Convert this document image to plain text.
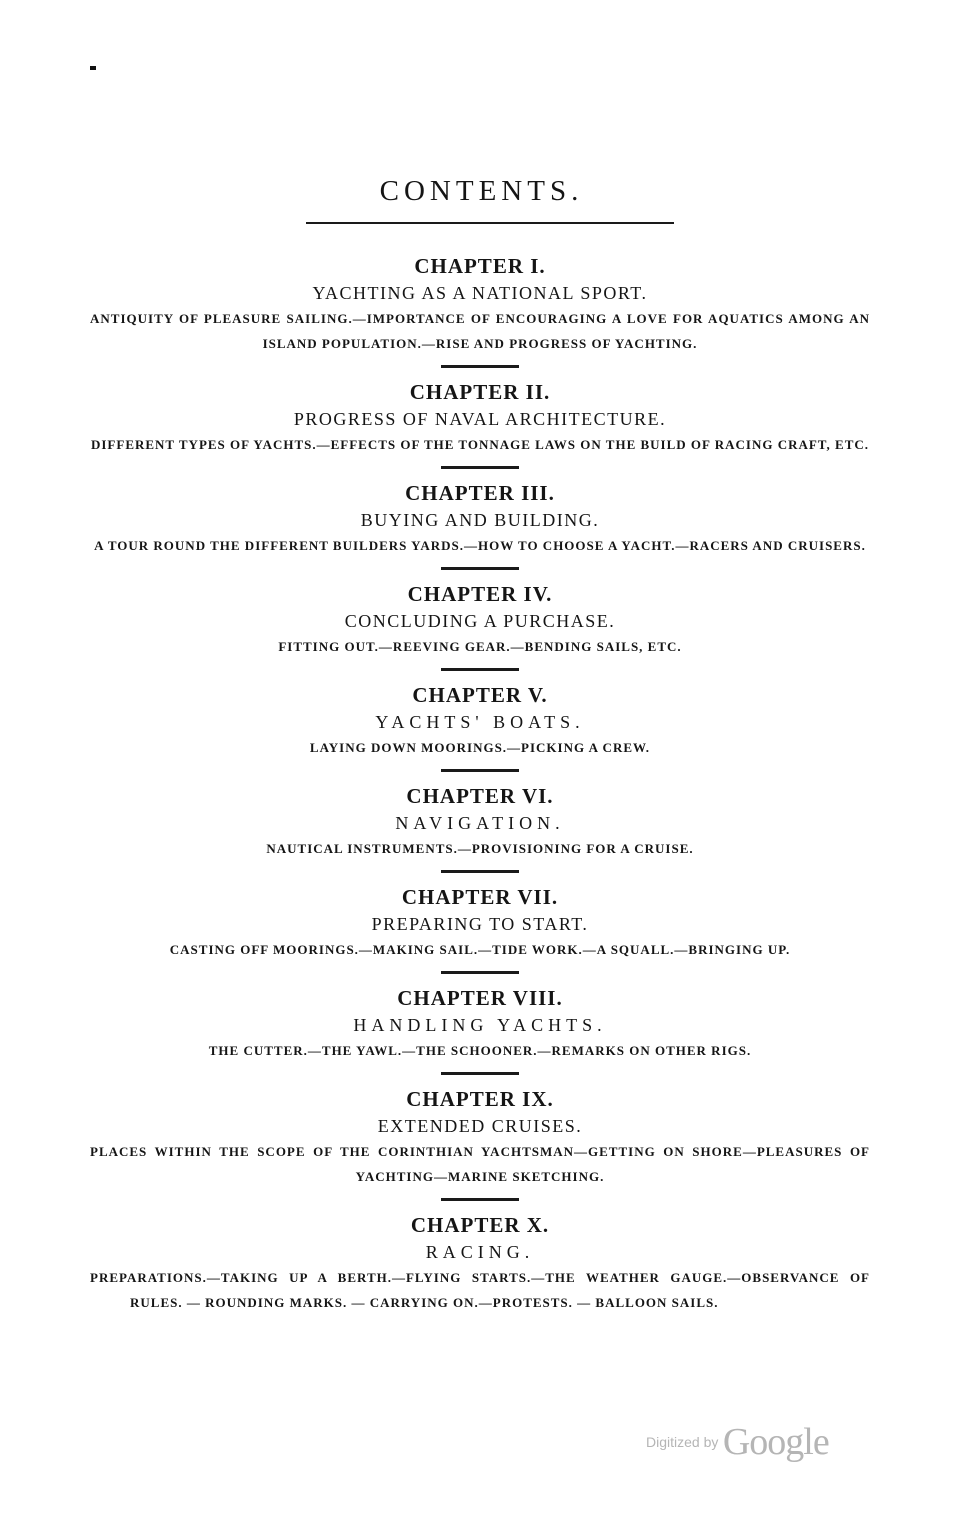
CONTENTS.
CHAPTER I.
YACHTING AS A NATIONAL SPORT.
ANTIQUITY OF PLEASURE SAILING.—IMPORTANCE OF ENCOURAGING A LOVE FOR AQUATICS AMONG AN ISLAND POPULATION.—RISE AND PROGRESS OF YACHTING.
CHAPTER II.
PROGRESS OF NAVAL ARCHITECTURE.
DIFFERENT TYPES OF YACHTS.—EFFECTS OF THE TONNAGE LAWS ON THE BUILD OF RACING CRAFT, ETC.
CHAPTER III.
BUYING AND BUILDING.
A TOUR ROUND THE DIFFERENT BUILDERS YARDS.—HOW TO CHOOSE A YACHT.—RACERS AND CRUISERS.
CHAPTER IV.
CONCLUDING A PURCHASE.
FITTING OUT.—REEVING GEAR.—BENDING SAILS, ETC.
CHAPTER V.
YACHTS' BOATS.
LAYING DOWN MOORINGS.—PICKING A CREW.
CHAPTER VI.
NAVIGATION.
NAUTICAL INSTRUMENTS.—PROVISIONING FOR A CRUISE.
CHAPTER VII.
PREPARING TO START.
CASTING OFF MOORINGS.—MAKING SAIL.—TIDE WORK.—A SQUALL.—BRINGING UP.
CHAPTER VIII.
HANDLING YACHTS.
THE CUTTER.—THE YAWL.—THE SCHOONER.—REMARKS ON OTHER RIGS.
CHAPTER IX.
EXTENDED CRUISES.
PLACES WITHIN THE SCOPE OF THE CORINTHIAN YACHTSMAN—GETTING ON SHORE—PLEASURES OF YACHTING—MARINE SKETCHING.
CHAPTER X.
RACING.
PREPARATIONS.—TAKING UP A BERTH.—FLYING STARTS.—THE WEATHER GAUGE.—OBSERVANCE OF RULES. — ROUNDING MARKS. — CARRYING ON.—PROTESTS. — BALLOON SAILS.
Digitized by Google
